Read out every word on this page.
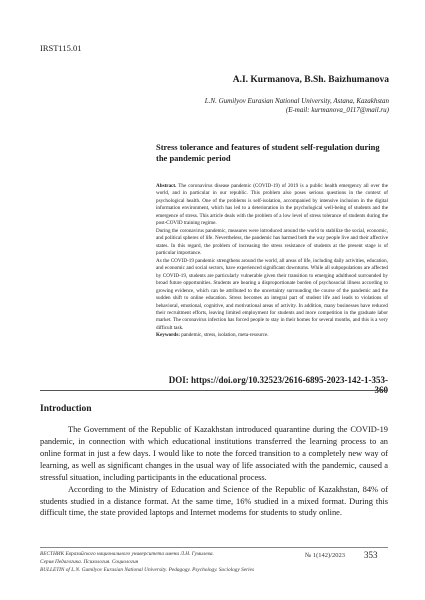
IRST115.01
A.I. Kurmanova, B.Sh. Baizhumanova
L.N. Gumilyov Eurasian National University, Astana, Kazakhstan
(E-mail: kurmanova_0117@mail.ru)
Stress tolerance and features of student self-regulation during the pandemic period

Abstract. The coronavirus disease pandemic (COVID-19) of 2019 is a public health emergency all over the world, and in particular in our republic. This problem also poses serious questions in the context of psychological health. One of the problems is self-isolation, accompanied by intensive inclusion in the digital information environment, which has led to a deterioration in the psychological well-being of students and the emergence of stress. This article deals with the problem of a low level of stress tolerance of students during the post-COVID training regime.

During the coronavirus pandemic, measures were introduced around the world to stabilize the social, economic, and political spheres of life. Nevertheless, the pandemic has harmed both the way people live and their affective states. In this regard, the problem of increasing the stress resistance of students at the present stage is of particular importance.

As the COVID-19 pandemic strengthens around the world, all areas of life, including daily activities, education, and economic and social sectors, have experienced significant downturns. While all subpopulations are affected by COVID-19, students are particularly vulnerable given their transition to emerging adulthood surrounded by broad future opportunities. Students are bearing a disproportionate burden of psychosocial illness according to growing evidence, which can be attributed to the uncertainty surrounding the course of the pandemic and the sudden shift to online education. Stress becomes an integral part of student life and leads to violations of behavioral, emotional, cognitive, and motivational areas of activity. In addition, many businesses have reduced their recruitment efforts, leaving limited employment for students and more competition in the graduate labor market. The coronavirus infection has forced people to stay in their homes for several months, and this is a very difficult task.

Keywords: pandemic, stress, isolation, meta-resource.

DOI: https://doi.org/10.32523/2616-6895-2023-142-1-353-360
Introduction

The Government of the Republic of Kazakhstan introduced quarantine during the COVID-19 pandemic, in connection with which educational institutions transferred the learning process to an online format in just a few days. I would like to note the forced transition to a completely new way of learning, as well as significant changes in the usual way of life associated with the pandemic, caused a stressful situation, including participants in the educational process.

According to the Ministry of Education and Science of the Republic of Kazakhstan, 84% of students studied in a distance format. At the same time, 16% studied in a mixed format. During this difficult time, the state provided laptops and Internet modems for students to study online.

ВЕСТНИК Евразийского национального университета имени Л.Н. Гумилева.
Серия Педагогика. Психология. Социология
BULLETIN of L.N. Gumilyov Eurasian National University. Pedagogy. Psychology. Sociology Series
№ 1(142)/2023 353
